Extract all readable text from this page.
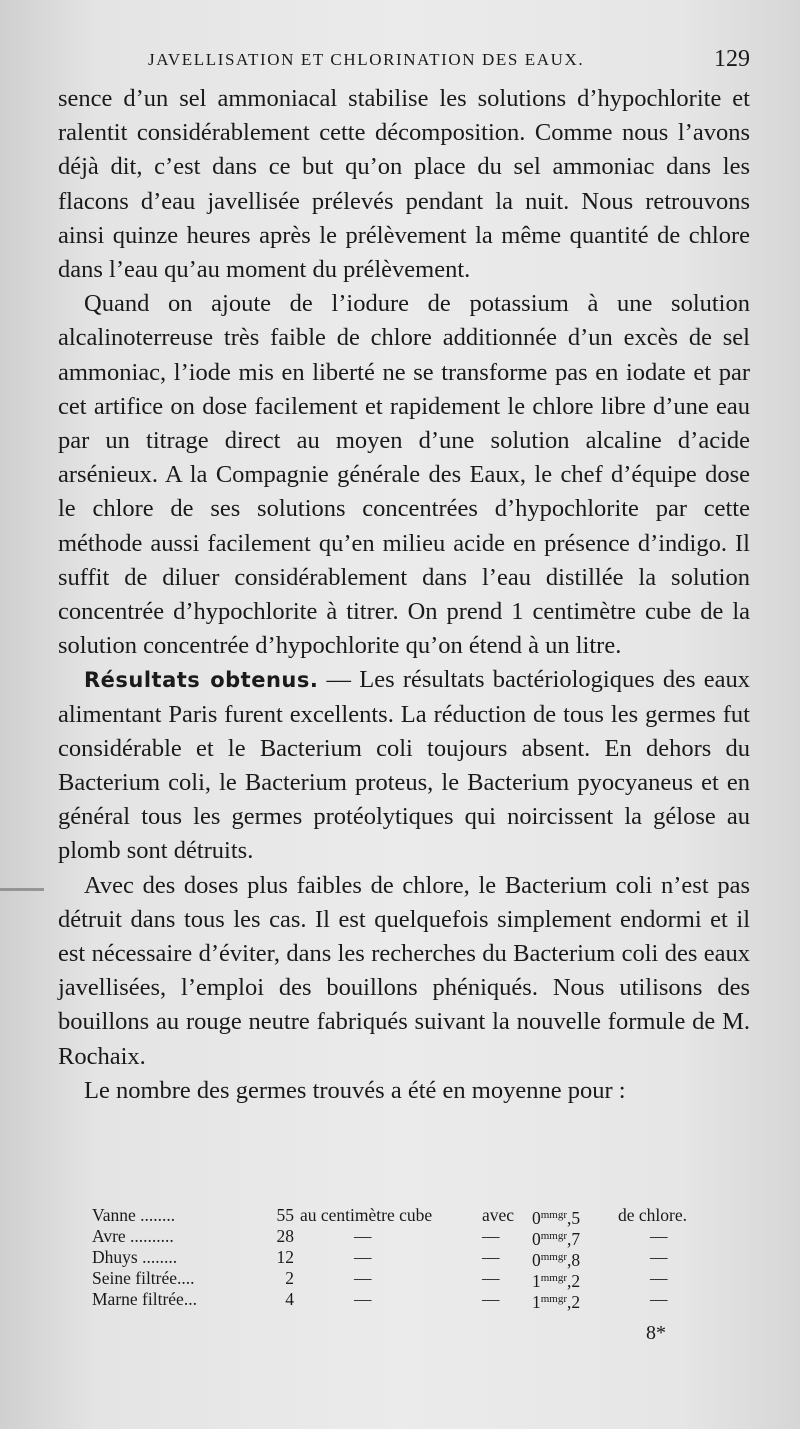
JAVELLISATION ET CHLORINATION DES EAUX.	129

sence d’un sel ammoniacal stabilise les solutions d’hypochlorite et ralentit considérablement cette décomposition. Comme nous l’avons déjà dit, c’est dans ce but qu’on place du sel ammoniac dans les flacons d’eau javellisée prélevés pendant la nuit. Nous retrouvons ainsi quinze heures après le prélèvement la même quantité de chlore dans l’eau qu’au moment du prélèvement.

Quand on ajoute de l’iodure de potassium à une solution alcalinoterreuse très faible de chlore additionnée d’un excès de sel ammoniac, l’iode mis en liberté ne se transforme pas en iodate et par cet artifice on dose facilement et rapidement le chlore libre d’une eau par un titrage direct au moyen d’une solution alcaline d’acide arsénieux. A la Compagnie générale des Eaux, le chef d’équipe dose le chlore de ses solutions concentrées d’hypochlorite par cette méthode aussi facilement qu’en milieu acide en présence d’indigo. Il suffit de diluer considérablement dans l’eau distillée la solution concentrée d’hypochlorite à titrer. On prend 1 centimètre cube de la solution concentrée d’hypochlorite qu’on étend à un litre.

Résultats obtenus. — Les résultats bactériologiques des eaux alimentant Paris furent excellents. La réduction de tous les germes fut considérable et le Bacterium coli toujours absent. En dehors du Bacterium coli, le Bacterium proteus, le Bacterium pyocyaneus et en général tous les germes protéolytiques qui noircissent la gélose au plomb sont détruits.

Avec des doses plus faibles de chlore, le Bacterium coli n’est pas détruit dans tous les cas. Il est quelquefois simplement endormi et il est nécessaire d’éviter, dans les recherches du Bacterium coli des eaux javellisées, l’emploi des bouillons phéniqués. Nous utilisons des bouillons au rouge neutre fabriqués suivant la nouvelle formule de M. Rochaix.

Le nombre des germes trouvés a été en moyenne pour :

Vanne ........	55 au centimètre cube	avec $0^{mmgr},5$ de chlore.
Avre ..........	28	—	— $0^{mmgr},7$	—
Dhuys ........	12	—	— $0^{mmgr},8$	—
Seine filtrée....	2	—	— $1^{mmgr},2$	—
Marne filtrée...	4	—	— $1^{mmgr},2$	—
8*
